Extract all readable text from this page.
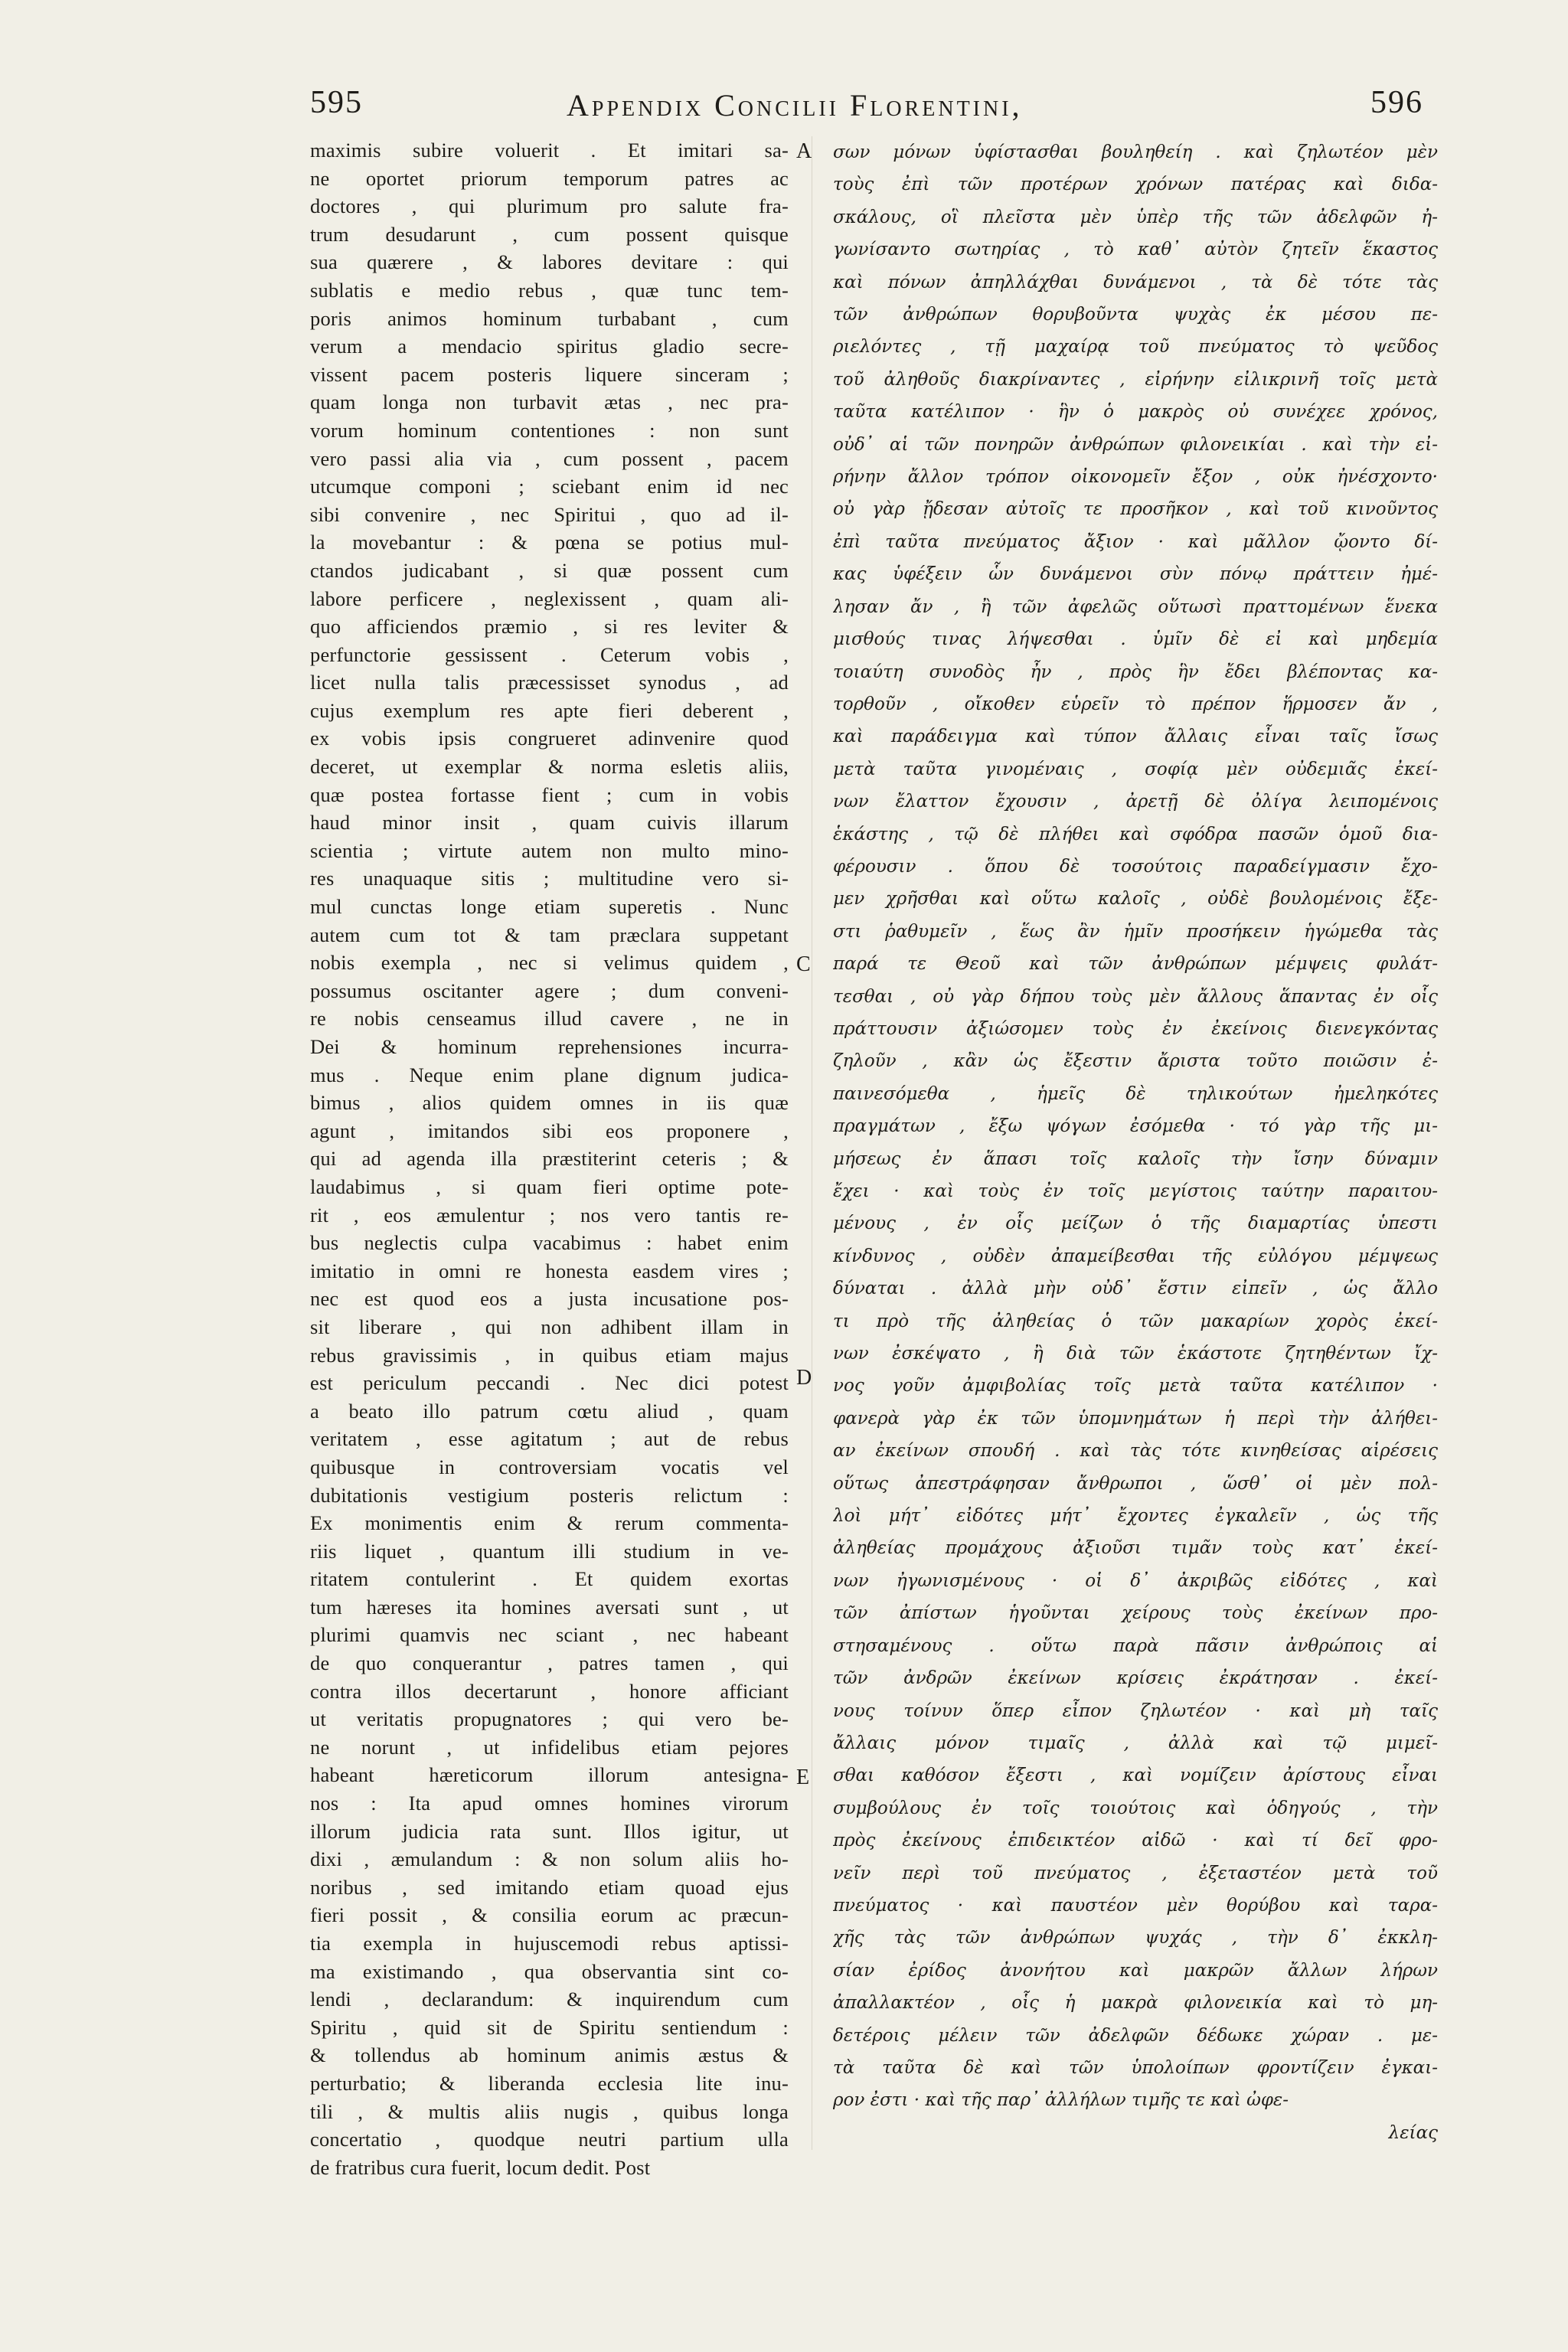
595	Appendix Concilii Florentini,	596
maximis subire voluerit . Et imitari sa-
ne oportet priorum temporum patres ac
doctores , qui plurimum pro salute fra-
trum desudarunt , cum possent quisque
sua quærere , & labores devitare : qui
sublatis e medio rebus , quæ tunc tem-
poris animos hominum turbabant , cum
verum a mendacio spiritus gladio secre-
vissent pacem posteris liquere sinceram ;
quam longa non turbavit ætas , nec pra-
vorum hominum contentiones : non sunt
vero passi alia via , cum possent , pacem
utcumque componi ; sciebant enim id nec
sibi convenire , nec Spiritui , quo ad il-
la movebantur : & pœna se potius mul-
ctandos judicabant , si quæ possent cum
labore perficere , neglexissent , quam ali-
quo afficiendos præmio , si res leviter &
perfunctorie gessissent . Ceterum vobis ,
licet nulla talis præcessisset synodus , ad
cujus exemplum res apte fieri deberent ,
ex vobis ipsis congrueret adinvenire quod
deceret, ut exemplar & norma esletis aliis,
quæ postea fortasse fient ; cum in vobis
haud minor insit , quam cuivis illarum
scientia ; virtute autem non multo mino-
res unaquaque sitis ; multitudine vero si-
mul cunctas longe etiam superetis . Nunc
autem cum tot & tam præclara suppetant
nobis exempla , nec si velimus quidem ,
possumus oscitanter agere ; dum conveni-
re nobis censeamus illud cavere , ne in
Dei & hominum reprehensiones incurra-
mus . Neque enim plane dignum judica-
bimus , alios quidem omnes in iis quæ
agunt , imitandos sibi eos proponere ,
qui ad agenda illa præstiterint ceteris ; &
laudabimus , si quam fieri optime pote-
rit , eos æmulentur ; nos vero tantis re-
bus neglectis culpa vacabimus : habet enim
imitatio in omni re honesta easdem vires ;
nec est quod eos a justa incusatione pos-
sit liberare , qui non adhibent illam in
rebus gravissimis , in quibus etiam majus
est periculum peccandi . Nec dici potest
a beato illo patrum cœtu aliud , quam
veritatem , esse agitatum ; aut de rebus
quibusque in controversiam vocatis vel
dubitationis vestigium posteris relictum :
Ex monimentis enim & rerum commenta-
riis liquet , quantum illi studium in ve-
ritatem contulerint . Et quidem exortas
tum hæreses ita homines aversati sunt , ut
plurimi quamvis nec sciant , nec habeant
de quo conquerantur , patres tamen , qui
contra illos decertarunt , honore afficiant
ut veritatis propugnatores ; qui vero be-
ne norunt , ut infidelibus etiam pejores
habeant hæreticorum illorum antesigna-
nos : Ita apud omnes homines virorum
illorum judicia rata sunt. Illos igitur, ut
dixi , æmulandum : & non solum aliis ho-
noribus , sed imitando etiam quoad ejus
fieri possit , & consilia eorum ac præcun-
tia exempla in hujuscemodi rebus aptissi-
ma existimando , qua observantia sint co-
lendi , declarandum: & inquirendum cum
Spiritu , quid sit de Spiritu sentiendum :
& tollendus ab hominum animis æstus &
perturbatio; & liberanda ecclesia lite inu-
tili , & multis aliis nugis , quibus longa
concertatio , quodque neutri partium ulla
de fratribus cura fuerit, locum dedit. Post
σων μόνων ὑφίστασθαι βουληθείη . καὶ ζηλωτέον μὲν
τοὺς ἐπὶ τῶν προτέρων χρόνων πατέρας καὶ διδα-
σκάλους, οἳ πλεῖστα μὲν ὑπὲρ τῆς τῶν ἀδελφῶν ἠ-
γωνίσαντο σωτηρίας , τὸ καθ᾽ αὐτὸν ζητεῖν ἕκαστος
καὶ πόνων ἀπηλλάχθαι δυνάμενοι , τὰ δὲ τότε τὰς
τῶν ἀνθρώπων θορυβοῦντα ψυχὰς ἐκ μέσου πε-
ριελόντες , τῇ μαχαίρᾳ τοῦ πνεύματος τὸ ψεῦδος
τοῦ ἀληθοῦς διακρίναντες , εἰρήνην εἰλικρινῆ τοῖς μετὰ
ταῦτα κατέλιπον · ἣν ὁ μακρὸς οὐ συνέχεε χρόνος,
οὐδ᾽ αἱ τῶν πονηρῶν ἀνθρώπων φιλονεικίαι . καὶ τὴν εἰ-
ρήνην ἄλλον τρόπον οἰκονομεῖν ἔξον , οὐκ ἠνέσχοντο·
οὐ γὰρ ᾔδεσαν αὐτοῖς τε προσῆκον , καὶ τοῦ κινοῦντος
ἐπὶ ταῦτα πνεύματος ἄξιον · καὶ μᾶλλον ᾤοντο δί-
κας ὑφέξειν ὧν δυνάμενοι σὺν πόνῳ πράττειν ἠμέ-
λησαν ἄν , ἢ τῶν ἀφελῶς οὕτωσὶ πραττομένων ἕνεκα
μισθούς τινας λήψεσθαι . ὑμῖν δὲ εἰ καὶ μηδεμία
τοιαύτη συνοδὸς ἦν , πρὸς ἣν ἔδει βλέποντας κα-
τορθοῦν , οἴκοθεν εὑρεῖν τὸ πρέπον ἥρμοσεν ἄν ,
καὶ παράδειγμα καὶ τύπον ἄλλαις εἶναι ταῖς ἴσως
μετὰ ταῦτα γινομέναις , σοφίᾳ μὲν οὐδεμιᾶς ἐκεί-
νων ἔλαττον ἔχουσιν , ἀρετῇ δὲ ὀλίγα λειπομένοις
ἑκάστης , τῷ δὲ πλήθει καὶ σφόδρα πασῶν ὁμοῦ δια-
φέρουσιν . ὅπου δὲ τοσούτοις παραδείγμασιν ἔχο-
μεν χρῆσθαι καὶ οὕτω καλοῖς , οὐδὲ βουλομένοις ἔξε-
στι ῥαθυμεῖν , ἕως ἂν ἡμῖν προσήκειν ἡγώμεθα τὰς
παρά τε Θεοῦ καὶ τῶν ἀνθρώπων μέμψεις φυλάτ-
τεσθαι , οὐ γὰρ δήπου τοὺς μὲν ἄλλους ἅπαντας ἐν οἷς
πράττουσιν ἀξιώσομεν τοὺς ἐν ἐκείνοις διενεγκόντας
ζηλοῦν , κἂν ὡς ἔξεστιν ἄριστα τοῦτο ποιῶσιν ἐ-
παινεσόμεθα , ἡμεῖς δὲ τηλικούτων ἠμεληκότες
πραγμάτων , ἔξω ψόγων ἐσόμεθα · τό γὰρ τῆς μι-
μήσεως ἐν ἅπασι τοῖς καλοῖς τὴν ἴσην δύναμιν
ἔχει · καὶ τοὺς ἐν τοῖς μεγίστοις ταύτην παραιτου-
μένους , ἐν οἷς μείζων ὁ τῆς διαμαρτίας ὑπεστι
κίνδυνος , οὐδὲν ἀπαμείβεσθαι τῆς εὐλόγου μέμψεως
δύναται . ἀλλὰ μὴν οὐδ᾽ ἔστιν εἰπεῖν , ὡς ἄλλο
τι πρὸ τῆς ἀληθείας ὁ τῶν μακαρίων χορὸς ἐκεί-
νων ἐσκέψατο , ἢ διὰ τῶν ἑκάστοτε ζητηθέντων ἴχ-
νος γοῦν ἀμφιβολίας τοῖς μετὰ ταῦτα κατέλιπον ·
φανερὰ γὰρ ἐκ τῶν ὑπομνημάτων ἡ περὶ τὴν ἀλήθει-
αν ἐκείνων σπουδή . καὶ τὰς τότε κινηθείσας αἱρέσεις
οὕτως ἀπεστράφησαν ἄνθρωποι , ὥσθ᾽ οἱ μὲν πολ-
λοὶ μήτ᾽ εἰδότες μήτ᾽ ἔχοντες ἐγκαλεῖν , ὡς τῆς
ἀληθείας προμάχους ἀξιοῦσι τιμᾶν τοὺς κατ᾽ ἐκεί-
νων ἠγωνισμένους · οἱ δ᾽ ἀκριβῶς εἰδότες , καὶ
τῶν ἀπίστων ἡγοῦνται χείρους τοὺς ἐκείνων προ-
στησαμένους . οὕτω παρὰ πᾶσιν ἀνθρώποις αἱ
τῶν ἀνδρῶν ἐκείνων κρίσεις ἐκράτησαν . ἐκεί-
νους τοίνυν ὅπερ εἶπον ζηλωτέον · καὶ μὴ ταῖς
ἄλλαις μόνον τιμαῖς , ἀλλὰ καὶ τῷ μιμεῖ-
σθαι καθόσον ἔξεστι , καὶ νομίζειν ἀρίστους εἶναι
συμβούλους ἐν τοῖς τοιούτοις καὶ ὁδηγούς , τὴν
πρὸς ἐκείνους ἐπιδεικτέον αἰδῶ · καὶ τί δεῖ φρο-
νεῖν περὶ τοῦ πνεύματος , ἐξεταστέον μετὰ τοῦ
πνεύματος · καὶ παυστέον μὲν θορύβου καὶ ταρα-
χῆς τὰς τῶν ἀνθρώπων ψυχάς , τὴν δ᾽ ἐκκλη-
σίαν ἐρίδος ἀνονήτου καὶ μακρῶν ἄλλων λήρων
ἀπαλλακτέον , οἷς ἡ μακρὰ φιλονεικία καὶ τὸ μη-
δετέροις μέλειν τῶν ἀδελφῶν δέδωκε χώραν . με-
τὰ ταῦτα δὲ καὶ τῶν ὑπολοίπων φροντίζειν ἐγκαι-
ρον ἐστι · καὶ τῆς παρ᾽ ἀλλήλων τιμῆς τε καὶ ὠφε-
λείας
A
C
D
E
